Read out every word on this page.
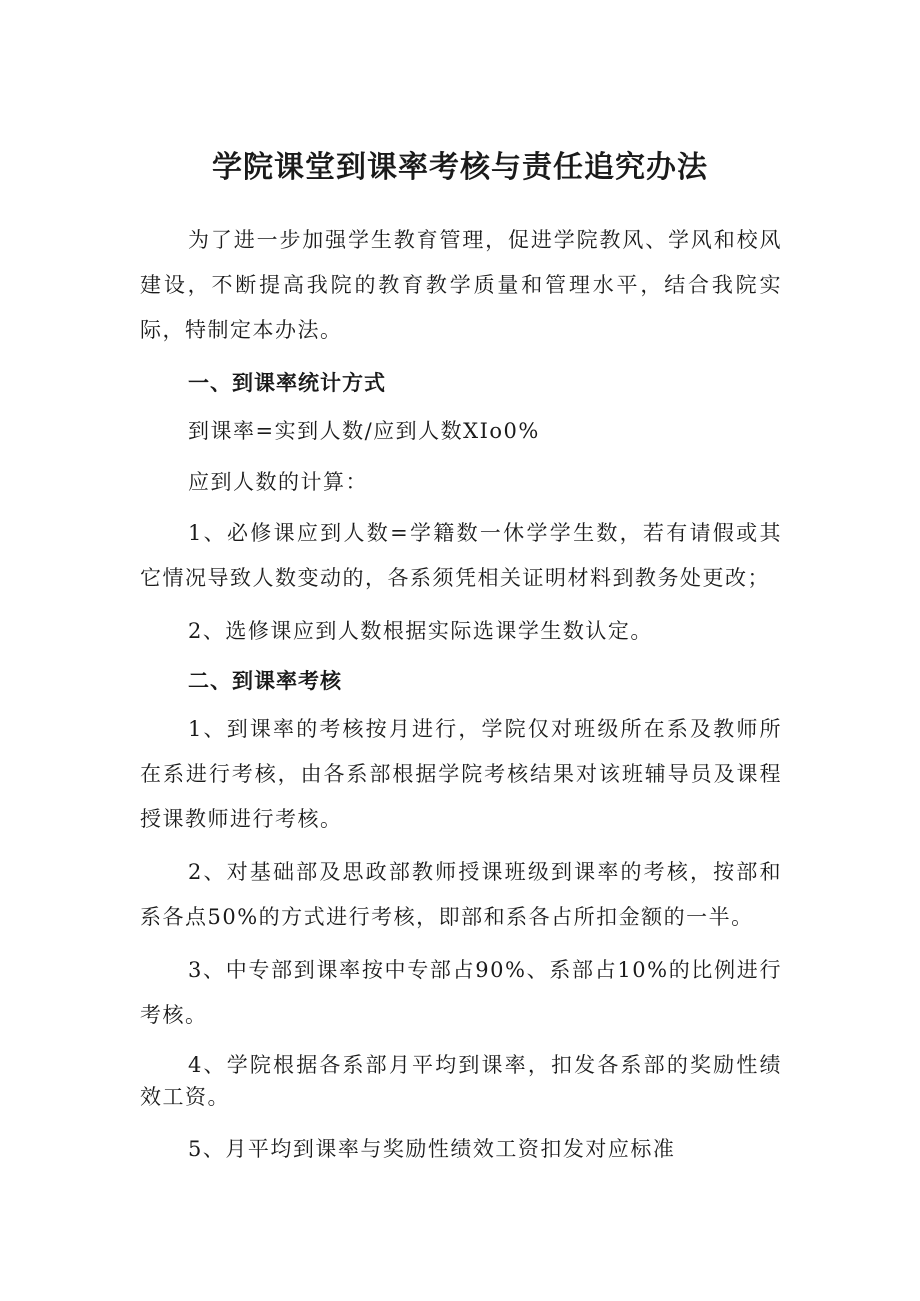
学院课堂到课率考核与责任追究办法

为了进一步加强学生教育管理，促进学院教风、学风和校风建设，不断提高我院的教育教学质量和管理水平，结合我院实际，特制定本办法。

一、到课率统计方式

到课率=实到人数/应到人数XIo0%

应到人数的计算：

1、必修课应到人数=学籍数一休学学生数，若有请假或其它情况导致人数变动的，各系须凭相关证明材料到教务处更改；

2、选修课应到人数根据实际选课学生数认定。

二、到课率考核

1、到课率的考核按月进行，学院仅对班级所在系及教师所在系进行考核，由各系部根据学院考核结果对该班辅导员及课程授课教师进行考核。

2、对基础部及思政部教师授课班级到课率的考核，按部和系各点50%的方式进行考核，即部和系各占所扣金额的一半。

3、中专部到课率按中专部占90%、系部占10%的比例进行考核。

4、学院根据各系部月平均到课率，扣发各系部的奖励性绩效工资。

5、月平均到课率与奖励性绩效工资扣发对应标准
